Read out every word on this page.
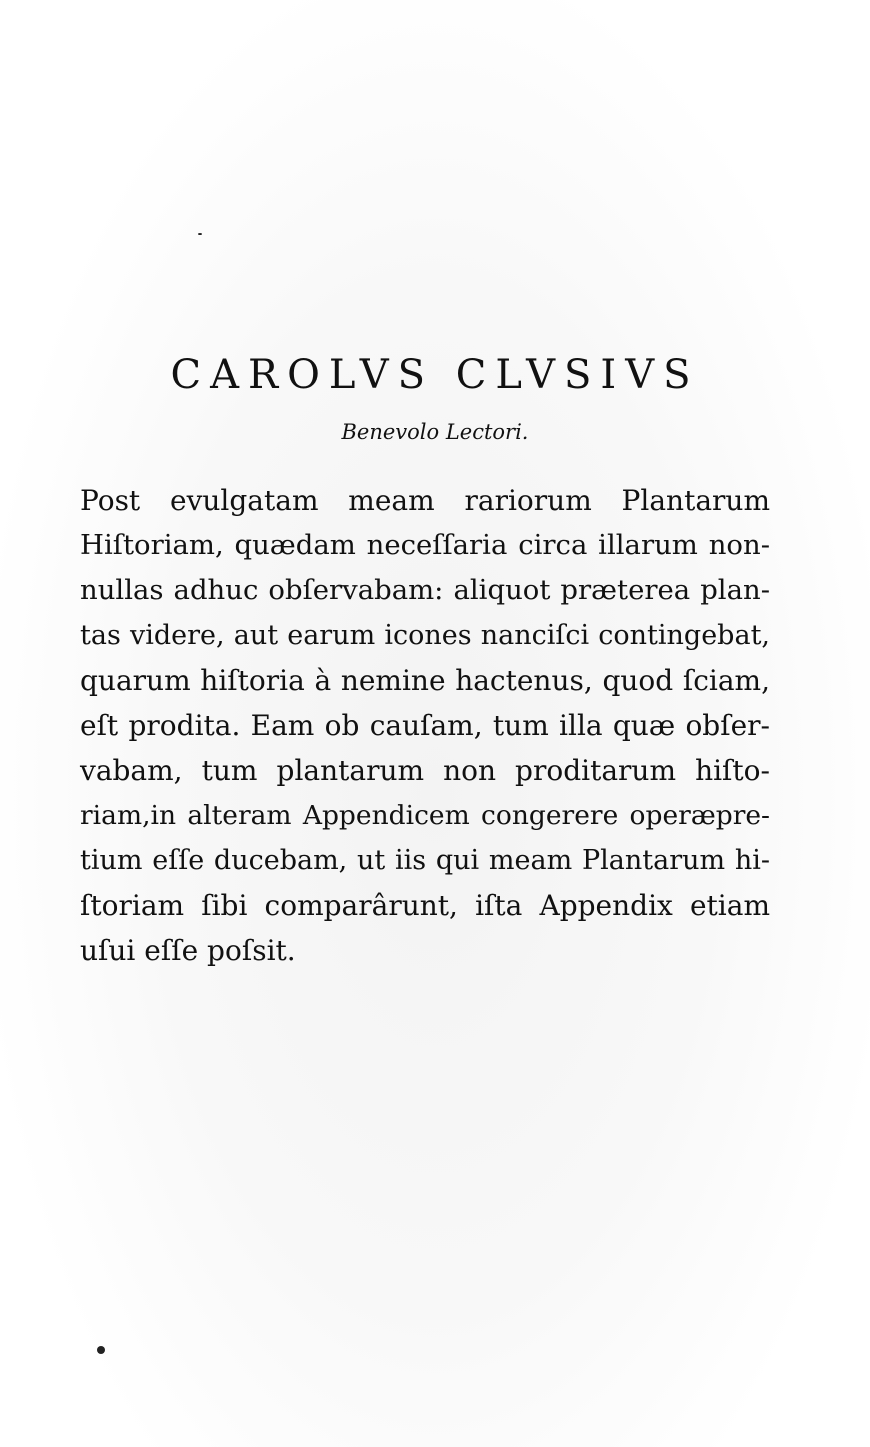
CAROLVS CLVSIVS

Benevolo Lectori.

Post evulgatam meam rariorum Plantarum
Hiſtoriam, quædam neceſſaria circa illarum non-
nullas adhuc obſervabam: aliquot præterea plan-
tas videre, aut earum icones nanciſci contingebat,
quarum hiſtoria à nemine hactenus, quod ſciam,
eſt prodita. Eam ob cauſam, tum illa quæ obſer-
vabam, tum plantarum non proditarum hiſto-
riam,in alteram Appendicem congerere operæpre-
tium eſſe ducebam, ut iis qui meam Plantarum hi-
ſtoriam ſibi comparârunt, iſta Appendix etiam
uſui eſſe poſsit.
